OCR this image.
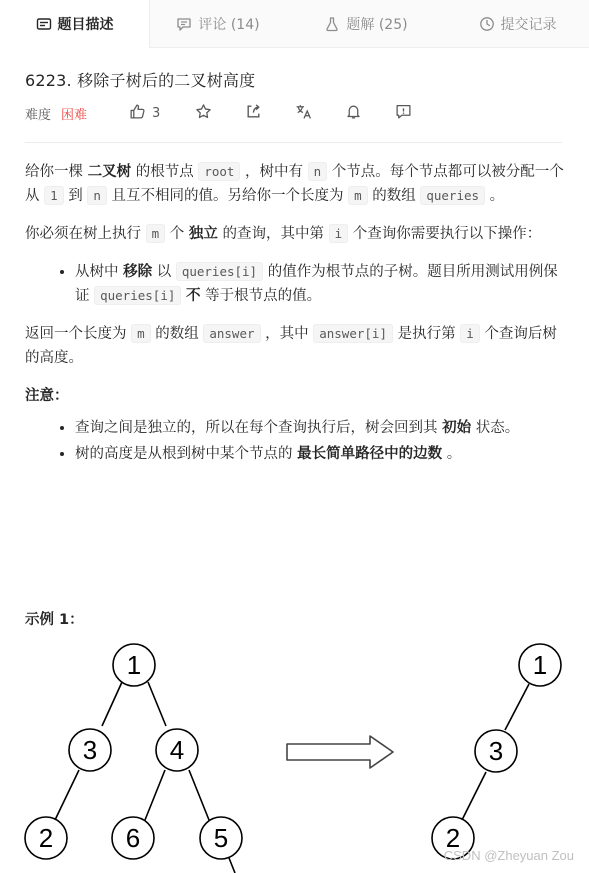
题目描述	评论 (14)	题解 (25)	提交记录
6223. 移除子树后的二叉树高度
难度 困难	3

给你一棵 二叉树 的根节点 root ，树中有 n 个节点。每个节点都可以被分配一个从 1 到 n 且互不相同的值。另给你一个长度为 m 的数组 queries 。

你必须在树上执行 m 个 独立 的查询，其中第 i 个查询你需要执行以下操作：

• 从树中 移除 以 queries[i] 的值作为根节点的子树。题目所用测试用例保证 queries[i] 不 等于根节点的值。

返回一个长度为 m 的数组 answer ，其中 answer[i] 是执行第 i 个查询后树的高度。

注意：
• 查询之间是独立的，所以在每个查询执行后，树会回到其 初始 状态。
• 树的高度是从根到树中某个节点的 最长简单路径中的边数 。
示例 1：
1
3	4
2	6	5
1
3
2
CSDN @Zheyuan Zou
